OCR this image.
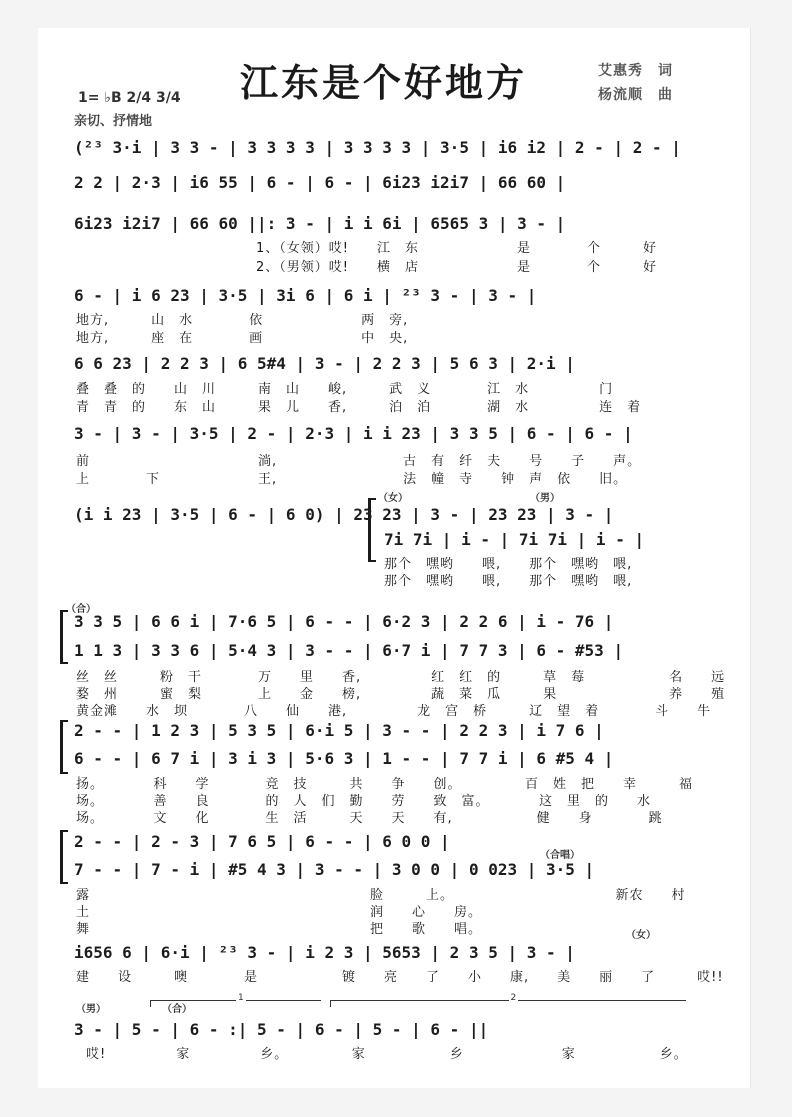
江东是个好地方	艾惠秀　词
杨流顺　曲
1= ♭B 2/4 3/4
亲切、抒情地
(²³ 3·i | 3 3 - | 3 3 3 3 | 3 3 3 3 | 3·5 | i6 i2 | 2 - | 2 - |
2 2 | 2·3 | i6 55 | 6 - | 6 - | 6i23 i2i7 | 66 60 |
6i23 i2i7 | 66 60 ||: 3 - | i i 6i | 6565 3 | 3 - |
1、（女领）哎!　　江　东　　　　　　　是　　　　个　　　好
2、（男领）哎!　　横　店　　　　　　　是　　　　个　　　好
6 - | i 6 23 | 3·5 | 3i 6 | 6 i | ²³ 3 - | 3 - |
地方,　　　山　水　　　　依　　　　　　　两　旁,
地方,　　　座　在　　　　画　　　　　　　中　央,
6 6 23 | 2 2 3 | 6 5#4 | 3 - | 2 2 3 | 5 6 3 | 2·i |
叠　叠　的　　山　川　　　南　山　　峻,　　　武　义　　　　江　水　　　　　门
青　青　的　　东　山　　　果　儿　　香,　　　泊　泊　　　　湖　水　　　　　连　着
3 - | 3 - | 3·5 | 2 - | 2·3 | i i 23 | 3 3 5 | 6 - | 6 - |
前　　　　　　　　　　　　淌,　　　　　　　　　古　有　纤　夫　　号　　子　　声。
上　　　　下　　　　　　　王,　　　　　　　　　法　幢　寺　　钟　声　依　　旧。
（女）	（男）
(i i 23 | 3·5 | 6 - | 6 0) | 23 23 | 3 - | 23 23 | 3 - |
7i 7i | i - | 7i 7i | i - |
那个　嘿哟　　喂,　　那个　嘿哟　喂,
那个　嘿哟　　喂,　　那个　嘿哟　喂,
（合）
3 3 5 | 6 6 i | 7·6 5 | 6 - - | 6·2 3 | 2 2 6 | i - 76 |
1 1 3 | 3 3 6 | 5·4 3 | 3 - - | 6·7 i | 7 7 3 | 6 - #53 |
丝　丝　　　粉　干　　　　万　　里　　香,　　　　　红　红　的　　　草　莓　　　　　　名　　远
婺　州　　　蜜　梨　　　　上　　金　　榜,　　　　　蔬　菜　瓜　　　果　　　　　　　　养　　殖
黄金滩　　水　坝　　　　八　　仙　　港,　　　　　龙　宫　桥　　　辽　望　着　　　　斗　　牛
2 - - | 1 2 3 | 5 3 5 | 6·i 5 | 3 - - | 2 2 3 | i 7 6 |
6 - - | 6 7 i | 3 i 3 | 5·6 3 | 1 - - | 7 7 i | 6 #5 4 |
扬。　　　　科　　学　　　　竞　技　　　共　　争　　创。　　　　　百　姓　把　　幸　　　福
场。　　　　善　　良　　　　的　人　们　勤　　劳　　致　富。　　　　这　里　的　　水
场。　　　　文　　化　　　　生　活　　　天　　天　　有,　　　　　　健　　身　　　　跳
2 - - | 2 - 3 | 7 6 5 | 6 - - | 6 0 0 |
（合唱）
7 - - | 7 - i | #5 4 3 | 3 - - | 3 0 0 | 0 023 | 3·5 |
露　　　　　　　　　　　　　　　　　　　　脸　　　上。　　　　　　　　　　　　新农　　村
土　　　　　　　　　　　　　　　　　　　　润　　心　　房。
舞　　　　　　　　　　　　　　　　　　　　把　　歌　　唱。	（女）
i656 6 | 6·i | ²³ 3 - | i 2 3 | 5653 | 2 3 5 | 3 - |
建　　设　　　噢　　　　是　　　　　　镀　　亮　　了　　小　　康,　　美　　丽　　了　　　哎!!
（男）	（合）
1	2
3 - | 5 - | 6 - :| 5 - | 6 - | 5 - | 6 - ||
哎!　　　　　家　　　　　乡。　　　　　家　　　　　　乡　　　　　　　家　　　　　　乡。
